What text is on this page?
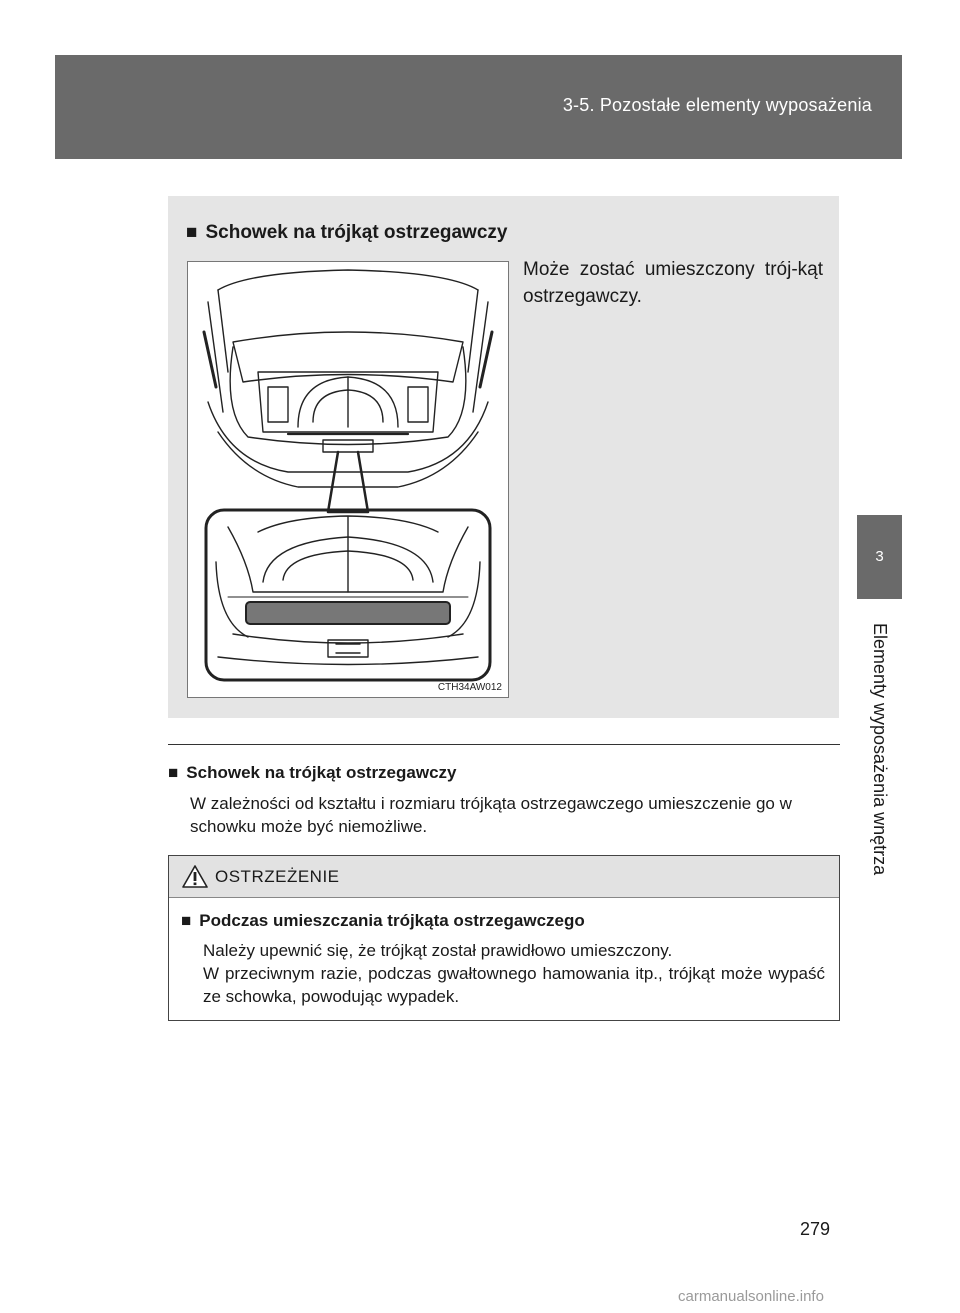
3-5. Pozostałe elementy wyposażenia
3
Elementy wyposażenia wnętrza
■ Schowek na trójkąt ostrzegawczy
CTH34AW012
Może zostać umieszczony trój-kąt ostrzegawczy.
■ Schowek na trójkąt ostrzegawczy
W zależności od kształtu i rozmiaru trójkąta ostrzegawczego umieszczenie go w schowku może być niemożliwe.
OSTRZEŻENIE
■ Podczas umieszczania trójkąta ostrzegawczego

Należy upewnić się, że trójkąt został prawidłowo umieszczony.

W przeciwnym razie, podczas gwałtownego hamowania itp., trójkąt może wypaść ze schowka, powodując wypadek.

279
carmanualsonline.info
